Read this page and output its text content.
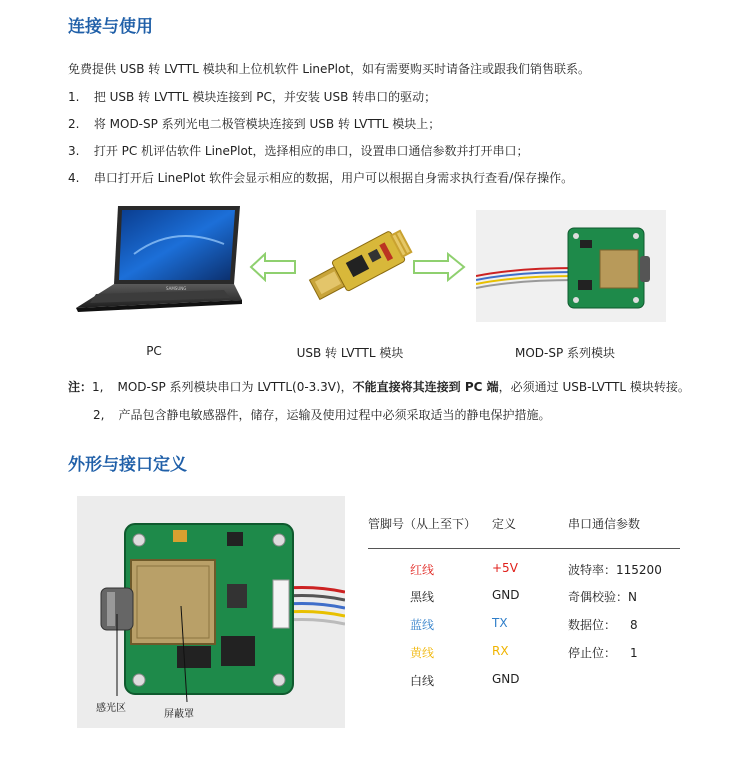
连接与使用
免费提供 USB 转 LVTTL 模块和上位机软件 LinePlot，如有需要购买时请备注或跟我们销售联系。
1. 把 USB 转 LVTTL 模块连接到 PC，并安装 USB 转串口的驱动；
2. 将 MOD-SP 系列光电二极管模块连接到 USB 转 LVTTL 模块上；
3. 打开 PC 机评估软件 LinePlot，选择相应的串口，设置串口通信参数并打开串口；
4. 串口打开后 LinePlot 软件会显示相应的数据，用户可以根据自身需求执行查看/保存操作。
SAMSUNG
PC	USB 转 LVTTL 模块	MOD-SP 系列模块
注：1, MOD-SP 系列模块串口为 LVTTL(0-3.3V)，不能直接将其连接到 PC 端，必须通过 USB-LVTTL 模块转接。
2, 产品包含静电敏感器件，储存，运输及使用过程中必须采取适当的静电保护措施。
外形与接口定义
感光区
屏蔽罩
管脚号（从上至下） 定义	串口通信参数
红线	+5V	波特率：115200
黑线	GND	奇偶校验：N
蓝线	TX	数据位： 8
黄线	RX	停止位： 1
白线	GND
